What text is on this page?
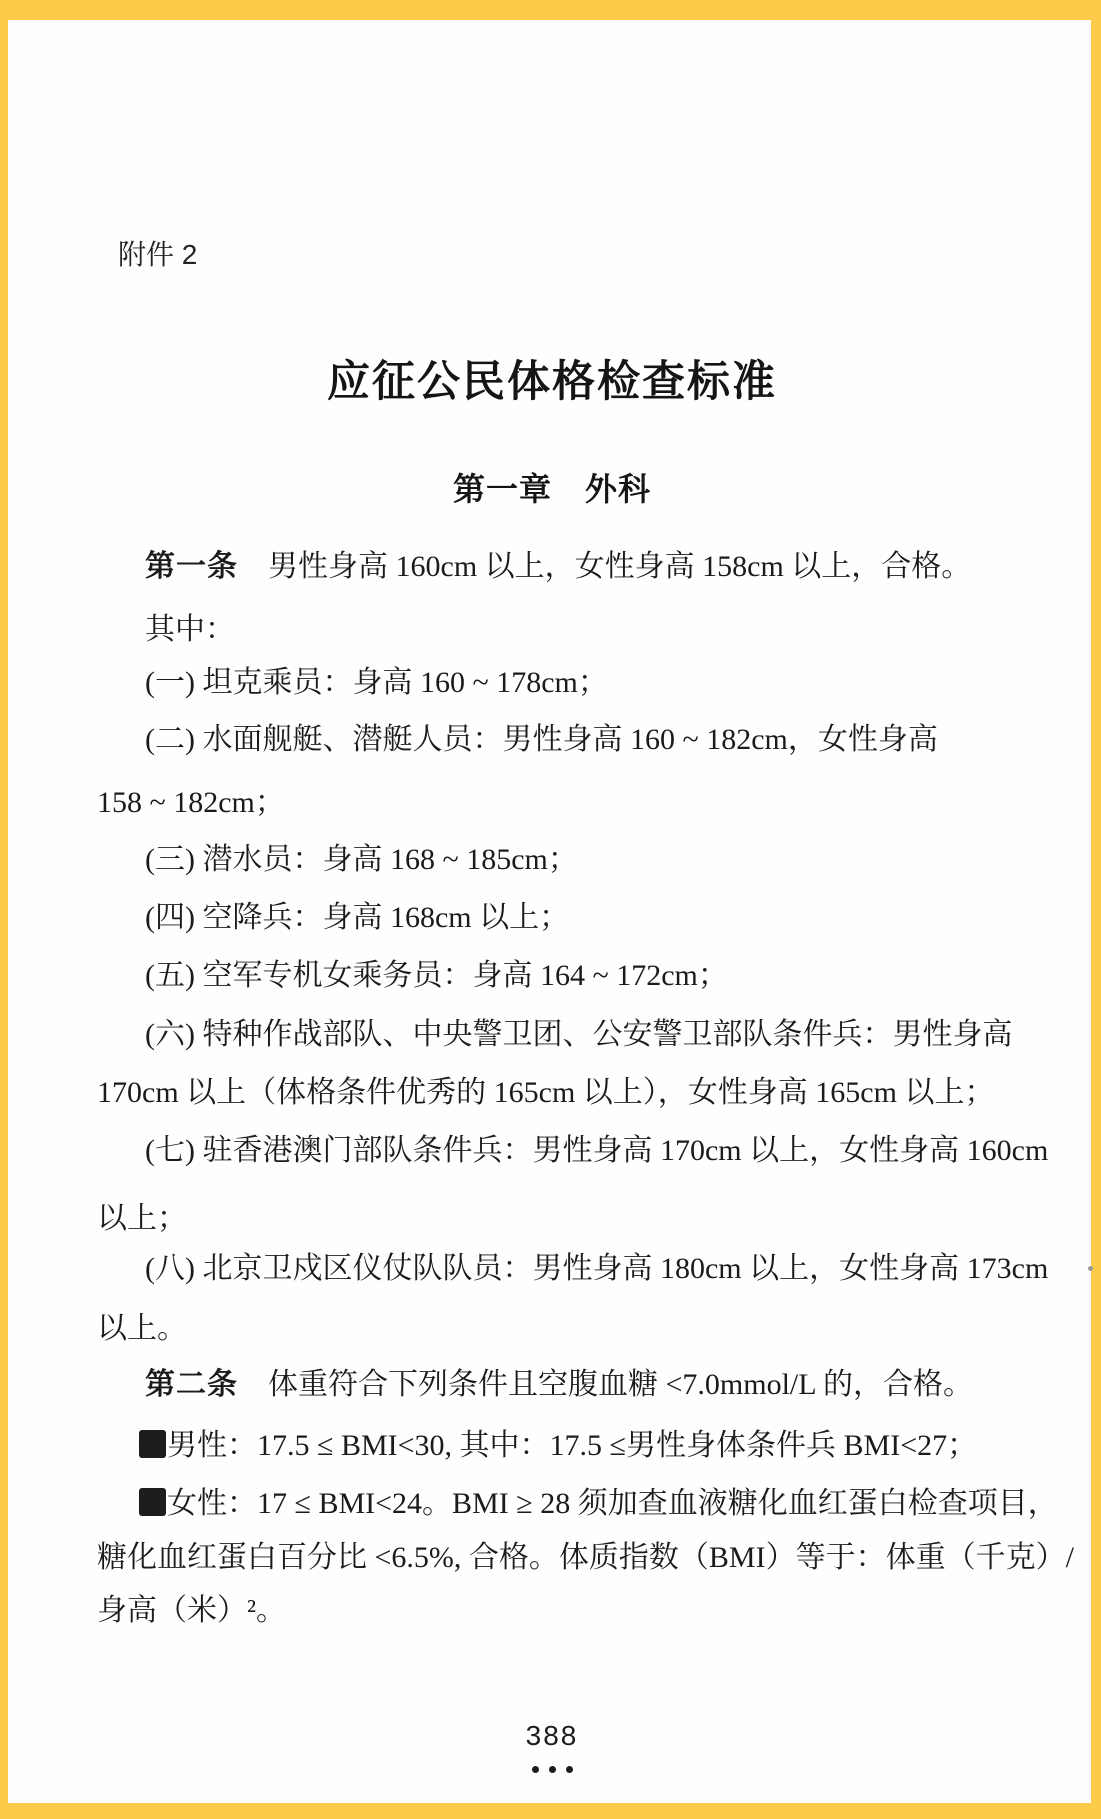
附件 2
应征公民体格检查标准
第一章　外科
第一条　男性身高 160cm 以上，女性身高 158cm 以上，合格。
其中：
(一) 坦克乘员：身高 160 ~ 178cm；
(二) 水面舰艇、潜艇人员：男性身高 160 ~ 182cm，女性身高
158 ~ 182cm；
(三) 潜水员：身高 168 ~ 185cm；
(四) 空降兵：身高 168cm 以上；
(五) 空军专机女乘务员：身高 164 ~ 172cm；
(六) 特种作战部队、中央警卫团、公安警卫部队条件兵：男性身高
170cm 以上（体格条件优秀的 165cm 以上），女性身高 165cm 以上；
(七) 驻香港澳门部队条件兵：男性身高 170cm 以上，女性身高 160cm
以上；
(八) 北京卫戍区仪仗队队员：男性身高 180cm 以上，女性身高 173cm
以上。
第二条　体重符合下列条件且空腹血糖 <7.0mmol/L 的，合格。
男性：17.5 ≤ BMI<30, 其中：17.5 ≤男性身体条件兵 BMI<27；
女性：17 ≤ BMI<24。BMI ≥ 28 须加查血液糖化血红蛋白检查项目，
糖化血红蛋白百分比 <6.5%, 合格。体质指数（BMI）等于：体重（千克）/
身高（米）²。
388
